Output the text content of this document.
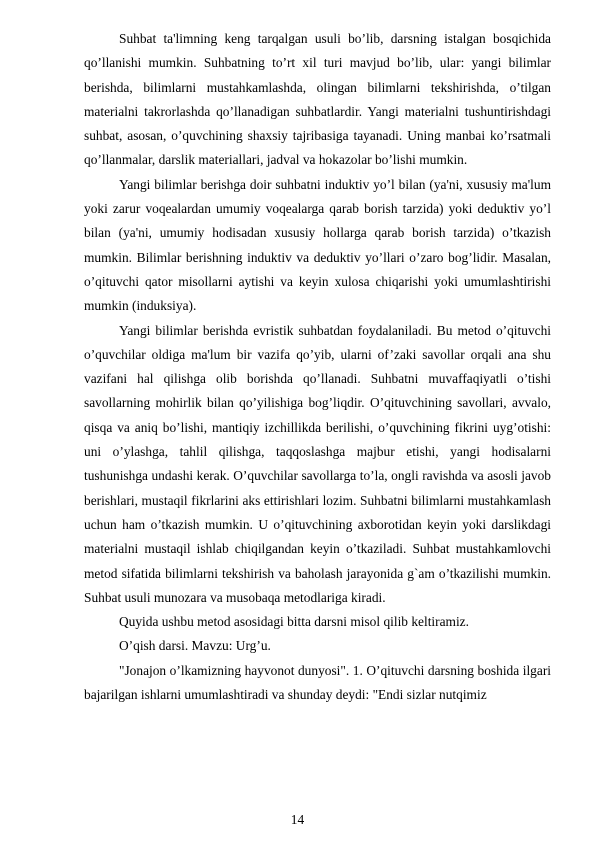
Suhbat ta'limning keng tarqalgan usuli bo’lib, darsning istalgan bosqichida qo’llanishi mumkin. Suhbatning to’rt xil turi mavjud bo’lib, ular: yangi bilimlar berishda, bilimlarni mustahkamlashda, olingan bilimlarni tekshirishda, o’tilgan materialni takrorlashda qo’llanadigan suhbatlardir. Yangi materialni tushuntirishdagi suhbat, asosan, o’quvchining shaxsiy tajribasiga tayanadi. Uning manbai ko’rsatmali qo’llanmalar, darslik materiallari, jadval va hokazolar bo’lishi mumkin.

Yangi bilimlar berishga doir suhbatni induktiv yo’l bilan (ya'ni, xususiy ma'lum yoki zarur voqealardan umumiy voqealarga qarab borish tarzida) yoki deduktiv yo’l bilan (ya'ni, umumiy hodisadan xususiy hollarga qarab borish tarzida) o’tkazish mumkin. Bilimlar berishning induktiv va deduktiv yo’llari o’zaro bog’lidir. Masalan, o’qituvchi qator misollarni aytishi va keyin xulosa chiqarishi yoki umumlashtirishi mumkin (induksiya).

Yangi bilimlar berishda evristik suhbatdan foydalaniladi. Bu metod o’qituvchi o’quvchilar oldiga ma'lum bir vazifa qo’yib, ularni of’zaki savollar orqali ana shu vazifani hal qilishga olib borishda qo’llanadi. Suhbatni muvaffaqiyatli o’tishi savollarning mohirlik bilan qo’yilishiga bog’liqdir. O’qituvchining savollari, avvalo, qisqa va aniq bo’lishi, mantiqiy izchillikda berilishi, o’quvchining fikrini uyg’otishi: uni o’ylashga, tahlil qilishga, taqqoslashga majbur etishi, yangi hodisalarni tushunishga undashi kerak. O’quvchilar savollarga to’la, ongli ravishda va asosli javob berishlari, mustaqil fikrlarini aks ettirishlari lozim. Suhbatni bilimlarni mustahkamlash uchun ham o’tkazish mumkin. U o’qituvchining axborotidan keyin yoki darslikdagi materialni mustaqil ishlab chiqilgandan keyin o’tkaziladi. Suhbat mustahkamlovchi metod sifatida bilimlarni tekshirish va baholash jarayonida g`am o’tkazilishi mumkin. Suhbat usuli munozara va musobaqa metodlariga kiradi.

Quyida ushbu metod asosidagi bitta darsni misol qilib keltiramiz.

O’qish darsi. Mavzu: Urg’u.

"Jonajon o’lkamizning hayvonot dunyosi". 1. O’qituvchi darsning boshida ilgari bajarilgan ishlarni umumlashtiradi va shunday deydi: "Endi sizlar nutqimiz

14
